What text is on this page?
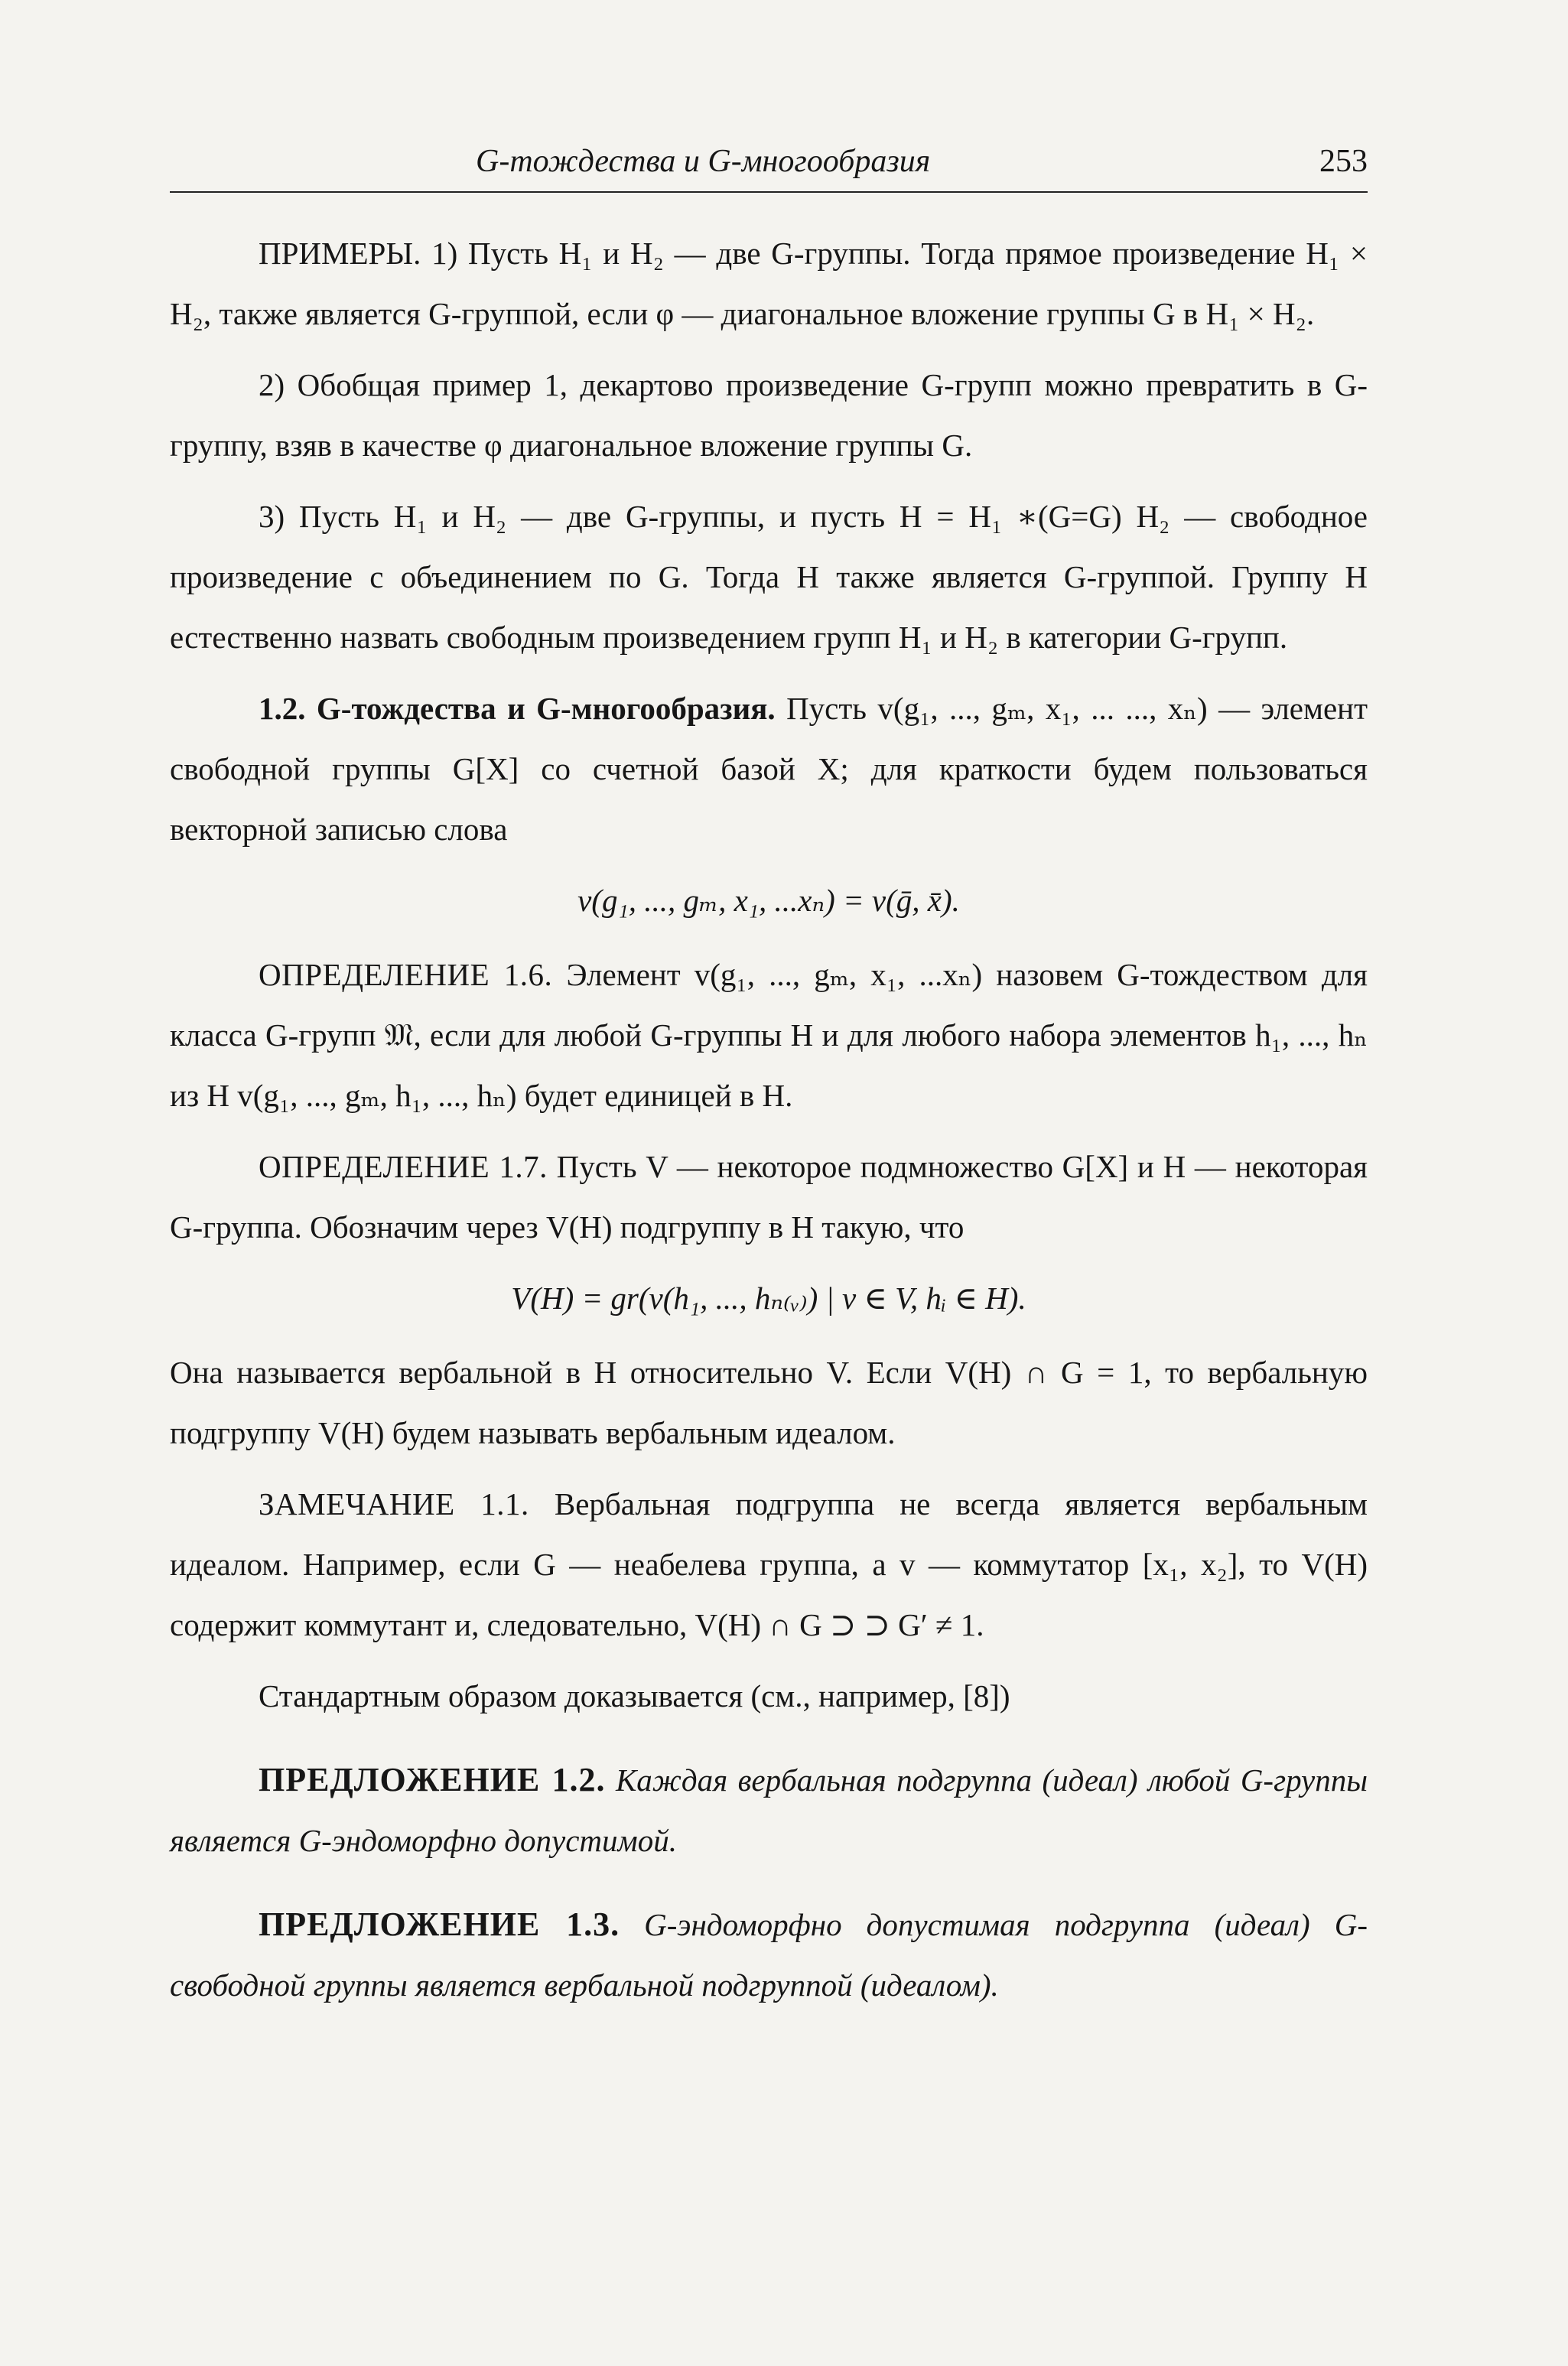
G-тождества и G-многообразия	253

ПРИМЕРЫ. 1) Пусть H₁ и H₂ — две G-группы. Тогда прямое произведение H₁ × H₂, также является G-группой, если φ — диагональное вложение группы G в H₁ × H₂.

2) Обобщая пример 1, декартово произведение G-групп можно превратить в G-группу, взяв в качестве φ диагональное вложение группы G.

3) Пусть H₁ и H₂ — две G-группы, и пусть H = H₁ ∗(G=G) H₂ — свободное произведение с объединением по G. Тогда H также является G-группой. Группу H естественно назвать свободным произведением групп H₁ и H₂ в категории G-групп.

1.2. G-тождества и G-многообразия. Пусть v(g₁, ..., gₘ, x₁, ... ..., xₙ) — элемент свободной группы G[X] со счетной базой X; для краткости будем пользоваться векторной записью слова

v(g₁, ..., gₘ, x₁, ...xₙ) = v(ḡ, x̄).

ОПРЕДЕЛЕНИЕ 1.6. Элемент v(g₁, ..., gₘ, x₁, ...xₙ) назовем G-тождеством для класса G-групп 𝔐, если для любой G-группы H и для любого набора элементов h₁, ..., hₙ из H v(g₁, ..., gₘ, h₁, ..., hₙ) будет единицей в H.

ОПРЕДЕЛЕНИЕ 1.7. Пусть V — некоторое подмножество G[X] и H — некоторая G-группа. Обозначим через V(H) подгруппу в H такую, что

V(H) = gr(v(h₁, ..., hₙ₍ᵥ₎) | v ∈ V, hᵢ ∈ H).

Она называется вербальной в H относительно V. Если V(H) ∩ G = 1, то вербальную подгруппу V(H) будем называть вербальным идеалом.

ЗАМЕЧАНИЕ 1.1. Вербальная подгруппа не всегда является вербальным идеалом. Например, если G — неабелева группа, а v — коммутатор [x₁, x₂], то V(H) содержит коммутант и, следовательно, V(H) ∩ G ⊃ ⊃ G′ ≠ 1.

Стандартным образом доказывается (см., например, [8])

ПРЕДЛОЖЕНИЕ 1.2. Каждая вербальная подгруппа (идеал) любой G-группы является G-эндоморфно допустимой.

ПРЕДЛОЖЕНИЕ 1.3. G-эндоморфно допустимая подгруппа (идеал) G-свободной группы является вербальной подгруппой (идеалом).
